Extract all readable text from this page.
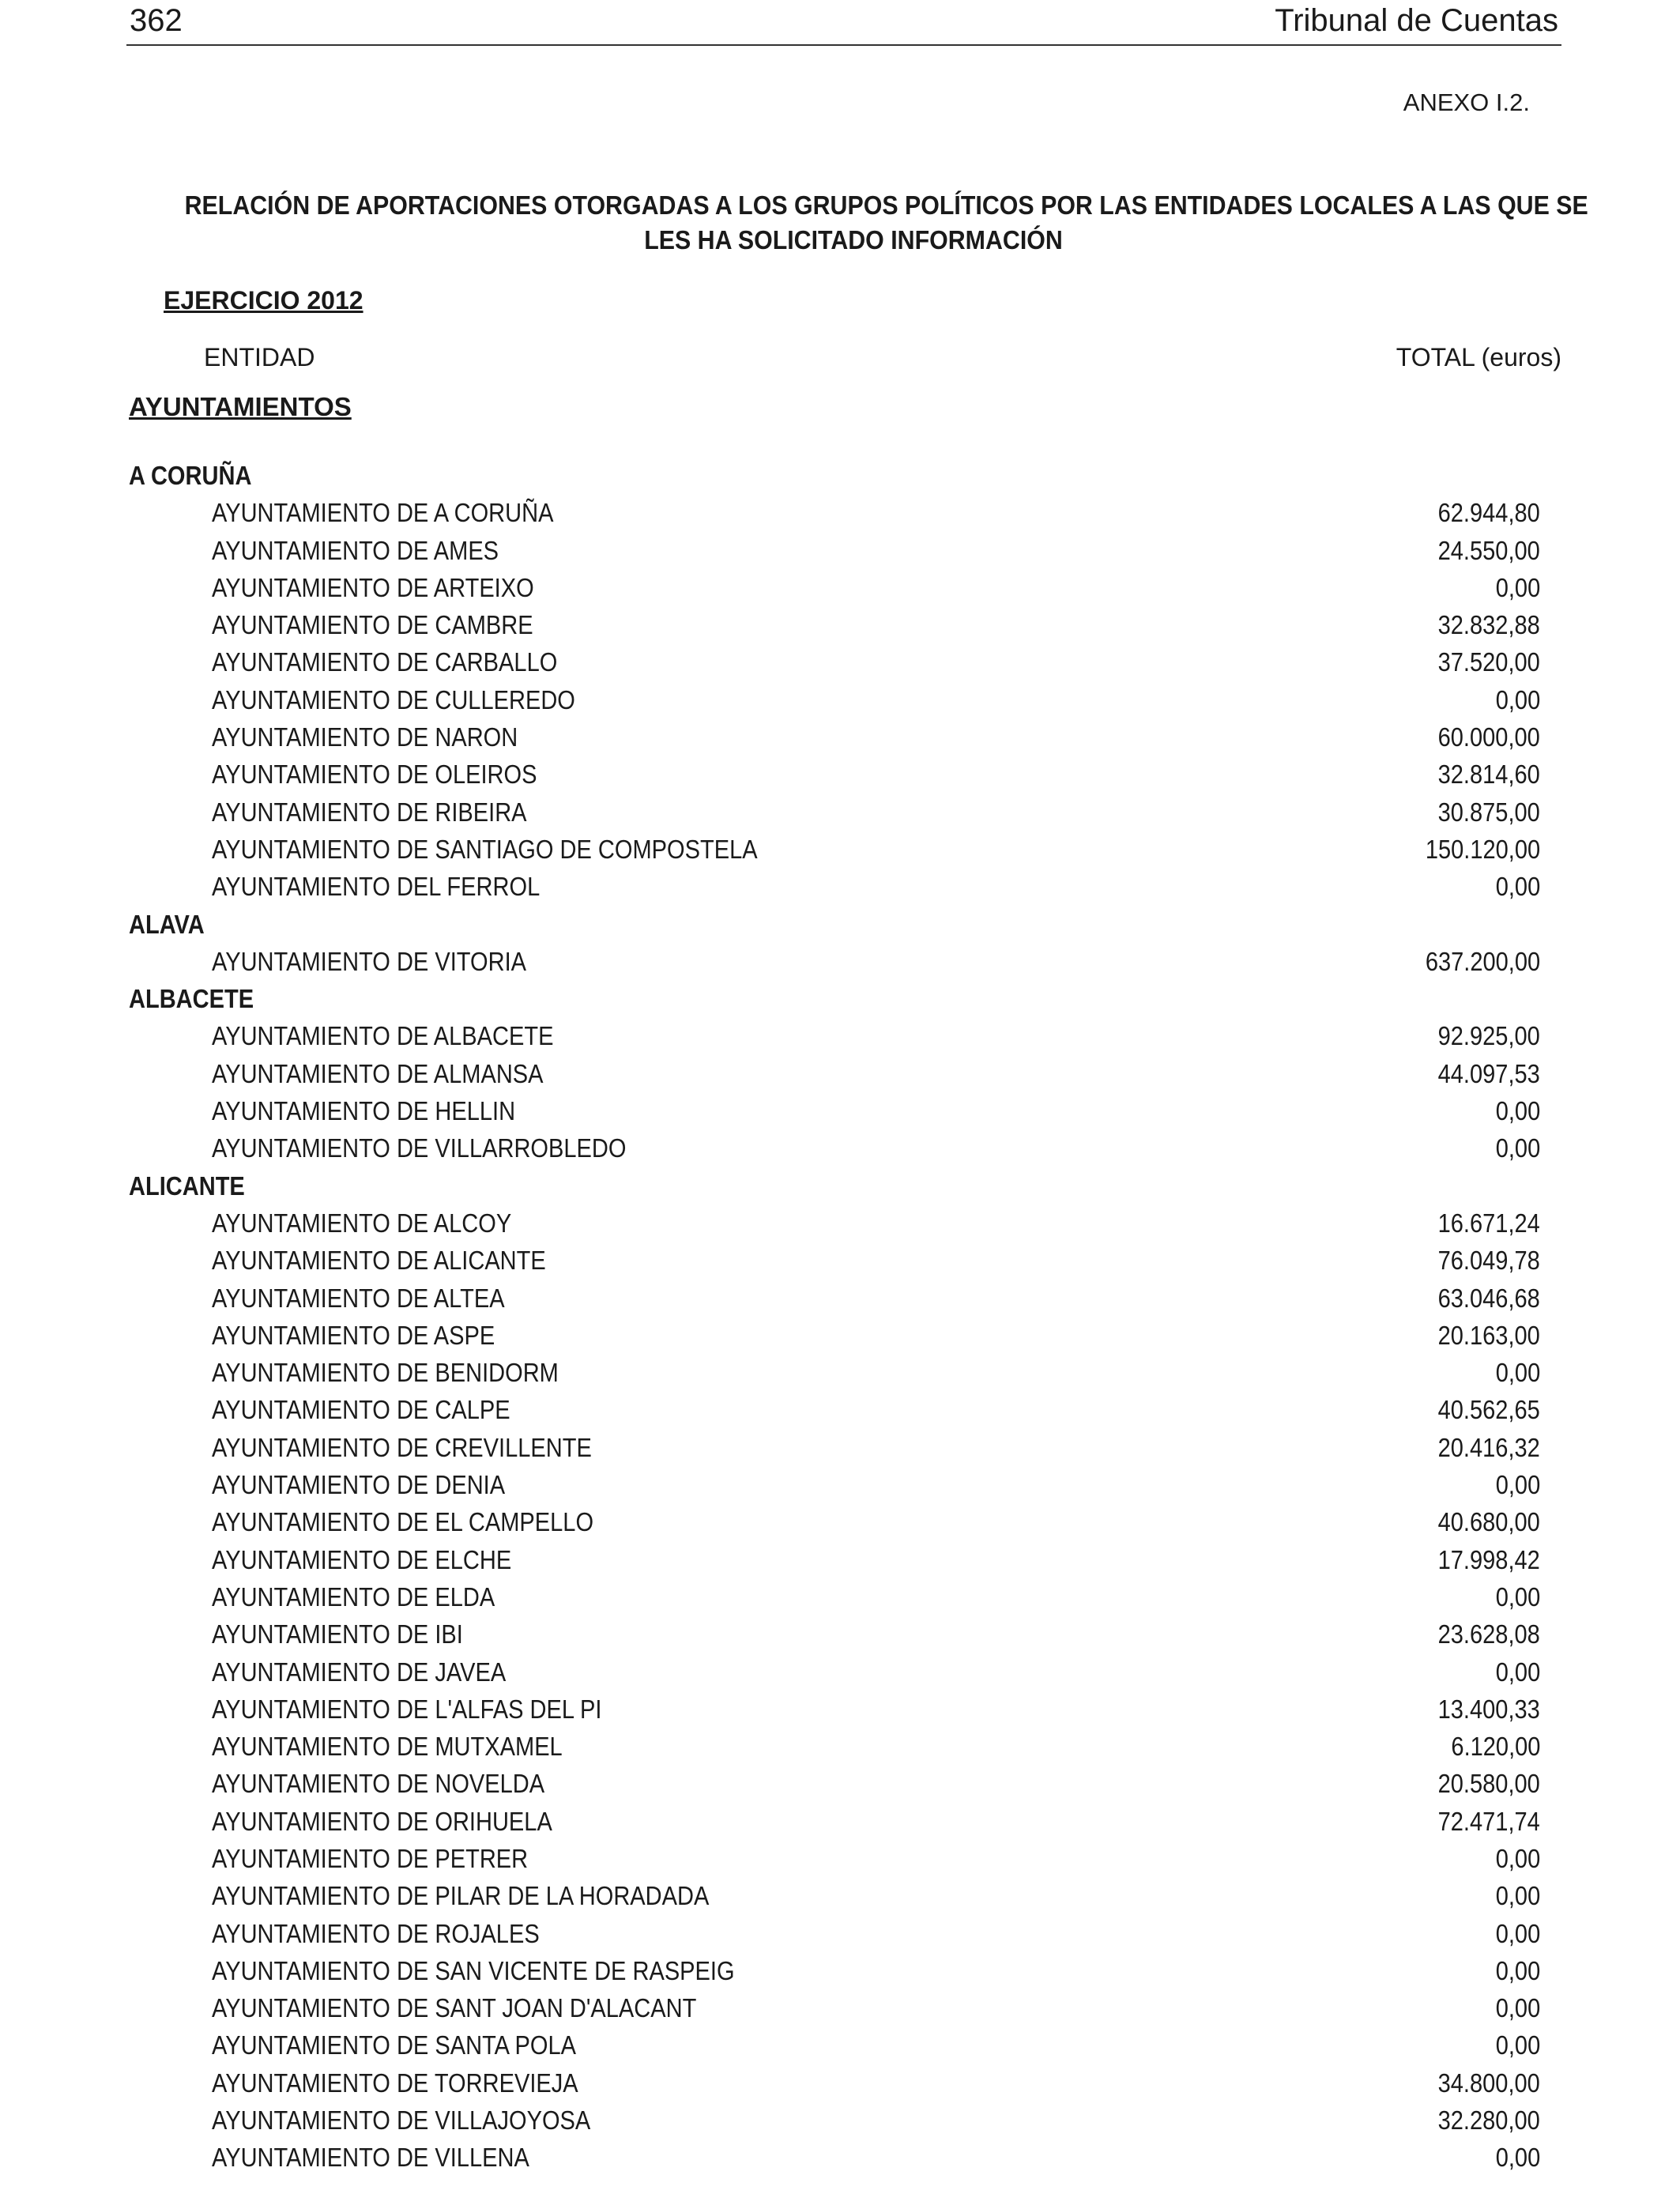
362	Tribunal de Cuentas
ANEXO I.2.
RELACIÓN DE APORTACIONES OTORGADAS A LOS GRUPOS POLÍTICOS POR LAS ENTIDADES LOCALES A LAS QUE SE
LES HA SOLICITADO INFORMACIÓN
EJERCICIO 2012
ENTIDAD	TOTAL (euros)
AYUNTAMIENTOS
A CORUÑA
AYUNTAMIENTO DE A CORUÑA	62.944,80
AYUNTAMIENTO DE AMES	24.550,00
AYUNTAMIENTO DE ARTEIXO	0,00
AYUNTAMIENTO DE CAMBRE	32.832,88
AYUNTAMIENTO DE CARBALLO	37.520,00
AYUNTAMIENTO DE CULLEREDO	0,00
AYUNTAMIENTO DE NARON	60.000,00
AYUNTAMIENTO DE OLEIROS	32.814,60
AYUNTAMIENTO DE RIBEIRA	30.875,00
AYUNTAMIENTO DE SANTIAGO DE COMPOSTELA	150.120,00
AYUNTAMIENTO DEL FERROL	0,00
ALAVA
AYUNTAMIENTO DE VITORIA	637.200,00
ALBACETE
AYUNTAMIENTO DE ALBACETE	92.925,00
AYUNTAMIENTO DE ALMANSA	44.097,53
AYUNTAMIENTO DE HELLIN	0,00
AYUNTAMIENTO DE VILLARROBLEDO	0,00
ALICANTE
AYUNTAMIENTO DE ALCOY	16.671,24
AYUNTAMIENTO DE ALICANTE	76.049,78
AYUNTAMIENTO DE ALTEA	63.046,68
AYUNTAMIENTO DE ASPE	20.163,00
AYUNTAMIENTO DE BENIDORM	0,00
AYUNTAMIENTO DE CALPE	40.562,65
AYUNTAMIENTO DE CREVILLENTE	20.416,32
AYUNTAMIENTO DE DENIA	0,00
AYUNTAMIENTO DE EL CAMPELLO	40.680,00
AYUNTAMIENTO DE ELCHE	17.998,42
AYUNTAMIENTO DE ELDA	0,00
AYUNTAMIENTO DE IBI	23.628,08
AYUNTAMIENTO DE JAVEA	0,00
AYUNTAMIENTO DE L'ALFAS DEL PI	13.400,33
AYUNTAMIENTO DE MUTXAMEL	6.120,00
AYUNTAMIENTO DE NOVELDA	20.580,00
AYUNTAMIENTO DE ORIHUELA	72.471,74
AYUNTAMIENTO DE PETRER	0,00
AYUNTAMIENTO DE PILAR DE LA HORADADA	0,00
AYUNTAMIENTO DE ROJALES	0,00
AYUNTAMIENTO DE SAN VICENTE DE RASPEIG	0,00
AYUNTAMIENTO DE SANT JOAN D'ALACANT	0,00
AYUNTAMIENTO DE SANTA POLA	0,00
AYUNTAMIENTO DE TORREVIEJA	34.800,00
AYUNTAMIENTO DE VILLAJOYOSA	32.280,00
AYUNTAMIENTO DE VILLENA	0,00
